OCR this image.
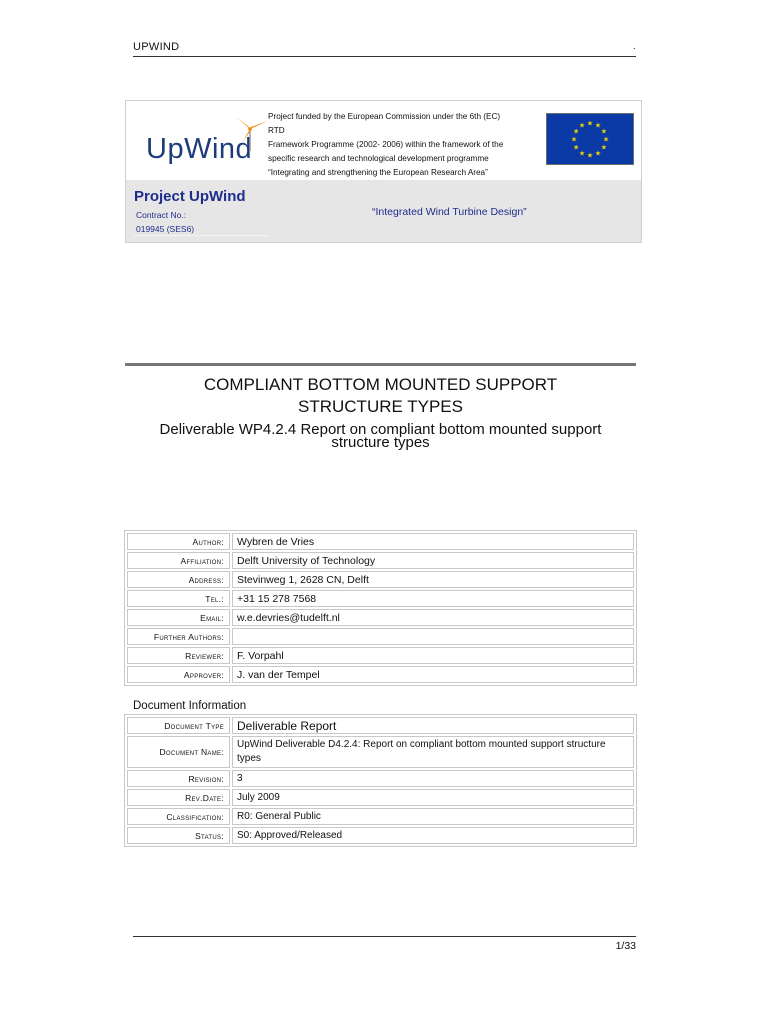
UPWIND	.
UpWind
Project funded by the European Commission under the 6th (EC)
RTD
Framework Programme (2002- 2006) within the framework of the
specific research and technological development programme
“Integrating and strengthening the European Research Area”
★ ★
★
★
★
★
★
★
★
★
★
★
Project UpWind
Contract No.:
019945 (SES6)
“Integrated Wind Turbine Design”
COMPLIANT BOTTOM MOUNTED SUPPORT
STRUCTURE TYPES
Deliverable WP4.2.4 Report on compliant bottom mounted support
structure types
Author:	Wybren de Vries
Affiliation:	Delft University of Technology
Address:	Stevinweg 1, 2628 CN, Delft
Tel.:	+31 15 278 7568
Email:	w.e.devries@tudelft.nl
Further Authors:	
Reviewer:	F. Vorpahl
Approver:	J. van der Tempel
Document Information
Document Type	Deliverable Report
Document Name:	UpWind Deliverable D4.2.4: Report on compliant bottom mounted support structure types
Revision:	3
Rev.Date:	July 2009
Classification:	R0: General Public
Status:	S0: Approved/Released
1/33
